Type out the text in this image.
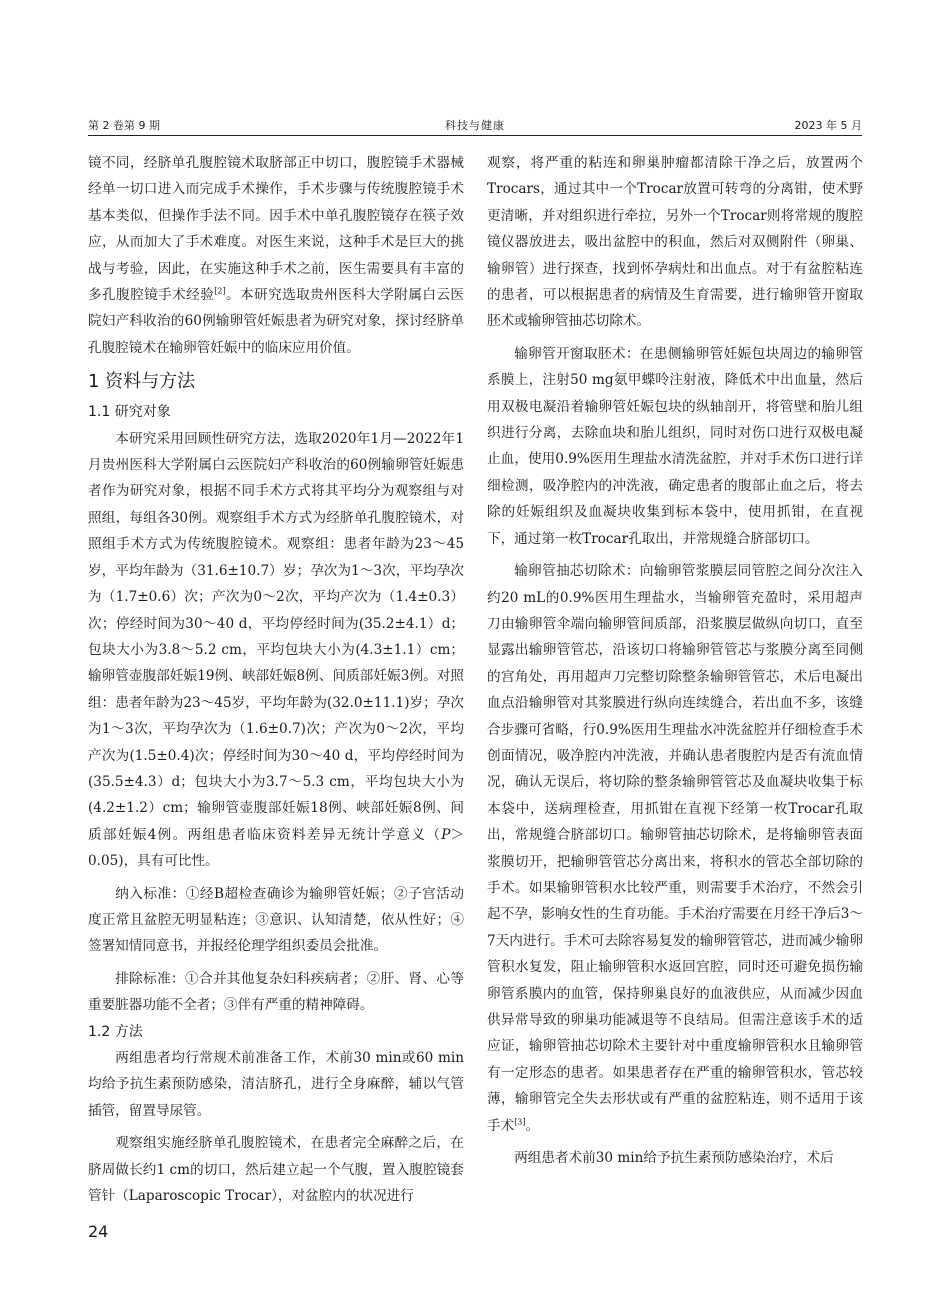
第 2 卷第 9 期	科技与健康	2023 年 5 月

镜不同，经脐单孔腹腔镜术取脐部正中切口，腹腔镜手术器械经单一切口进入而完成手术操作，手术步骤与传统腹腔镜手术基本类似，但操作手法不同。因手术中单孔腹腔镜存在筷子效应，从而加大了手术难度。对医生来说，这种手术是巨大的挑战与考验，因此，在实施这种手术之前，医生需要具有丰富的多孔腹腔镜手术经验[2]。本研究选取贵州医科大学附属白云医院妇产科收治的60例输卵管妊娠患者为研究对象，探讨经脐单孔腹腔镜术在输卵管妊娠中的临床应用价值。

1 资料与方法
1.1 研究对象

本研究采用回顾性研究方法，选取2020年1月—2022年1月贵州医科大学附属白云医院妇产科收治的60例输卵管妊娠患者作为研究对象，根据不同手术方式将其平均分为观察组与对照组，每组各30例。观察组手术方式为经脐单孔腹腔镜术，对照组手术方式为传统腹腔镜术。观察组：患者年龄为23～45岁，平均年龄为（31.6±10.7）岁；孕次为1～3次，平均孕次为（1.7±0.6）次；产次为0～2次，平均产次为（1.4±0.3）次；停经时间为30～40 d，平均停经时间为(35.2±4.1）d；包块大小为3.8～5.2 cm，平均包块大小为(4.3±1.1）cm；输卵管壶腹部妊娠19例、峡部妊娠8例、间质部妊娠3例。对照组：患者年龄为23～45岁，平均年龄为(32.0±11.1)岁；孕次为1～3次，平均孕次为（1.6±0.7)次；产次为0～2次，平均产次为(1.5±0.4)次；停经时间为30～40 d，平均停经时间为(35.5±4.3）d；包块大小为3.7～5.3 cm，平均包块大小为(4.2±1.2）cm；输卵管壶腹部妊娠18例、峡部妊娠8例、间质部妊娠4例。两组患者临床资料差异无统计学意义（P＞0.05)，具有可比性。

纳入标准：①经B超检查确诊为输卵管妊娠；②子宫活动度正常且盆腔无明显粘连；③意识、认知清楚，依从性好；④签署知情同意书，并报经伦理学组织委员会批准。

排除标准：①合并其他复杂妇科疾病者；②肝、肾、心等重要脏器功能不全者；③伴有严重的精神障碍。

1.2 方法

两组患者均行常规术前准备工作，术前30 min或60 min均给予抗生素预防感染，清洁脐孔，进行全身麻醉，辅以气管插管，留置导尿管。

观察组实施经脐单孔腹腔镜术，在患者完全麻醉之后，在脐周做长约1 cm的切口，然后建立起一个气腹，置入腹腔镜套管针（Laparoscopic Trocar），对盆腔内的状况进行

观察，将严重的粘连和卵巢肿瘤都清除干净之后，放置两个Trocars，通过其中一个Trocar放置可转弯的分离钳，使术野更清晰，并对组织进行牵拉，另外一个Trocar则将常规的腹腔镜仪器放进去，吸出盆腔中的积血，然后对双侧附件（卵巢、输卵管）进行探查，找到怀孕病灶和出血点。对于有盆腔粘连的患者，可以根据患者的病情及生育需要，进行输卵管开窗取胚术或输卵管抽芯切除术。

输卵管开窗取胚术：在患侧输卵管妊娠包块周边的输卵管系膜上，注射50 mg氨甲蝶呤注射液，降低术中出血量，然后用双极电凝沿着输卵管妊娠包块的纵轴剖开，将管壁和胎儿组织进行分离，去除血块和胎儿组织，同时对伤口进行双极电凝止血，使用0.9%医用生理盐水清洗盆腔，并对手术伤口进行详细检测，吸净腔内的冲洗液，确定患者的腹部止血之后，将去除的妊娠组织及血凝块收集到标本袋中，使用抓钳，在直视下，通过第一枚Trocar孔取出，并常规缝合脐部切口。

输卵管抽芯切除术：向输卵管浆膜层同管腔之间分次注入约20 mL的0.9%医用生理盐水，当输卵管充盈时，采用超声刀由输卵管伞端向输卵管间质部，沿浆膜层做纵向切口，直至显露出输卵管管芯，沿该切口将输卵管管芯与浆膜分离至同侧的宫角处，再用超声刀完整切除整条输卵管管芯，术后电凝出血点沿输卵管对其浆膜进行纵向连续缝合，若出血不多，该缝合步骤可省略，行0.9%医用生理盐水冲洗盆腔并仔细检查手术创面情况，吸净腔内冲洗液，并确认患者腹腔内是否有流血情况，确认无误后，将切除的整条输卵管管芯及血凝块收集于标本袋中，送病理检查，用抓钳在直视下经第一枚Trocar孔取出，常规缝合脐部切口。输卵管抽芯切除术，是将输卵管表面浆膜切开，把输卵管管芯分离出来，将积水的管芯全部切除的手术。如果输卵管积水比较严重，则需要手术治疗，不然会引起不孕，影响女性的生育功能。手术治疗需要在月经干净后3～7天内进行。手术可去除容易复发的输卵管管芯，进而减少输卵管积水复发，阻止输卵管积水返回宫腔，同时还可避免损伤输卵管系膜内的血管，保持卵巢良好的血液供应，从而减少因血供异常导致的卵巢功能减退等不良结局。但需注意该手术的适应证，输卵管抽芯切除术主要针对中重度输卵管积水且输卵管有一定形态的患者。如果患者存在严重的输卵管积水，管芯较薄，输卵管完全失去形状或有严重的盆腔粘连，则不适用于该手术[3]。

两组患者术前30 min给予抗生素预防感染治疗，术后

24
